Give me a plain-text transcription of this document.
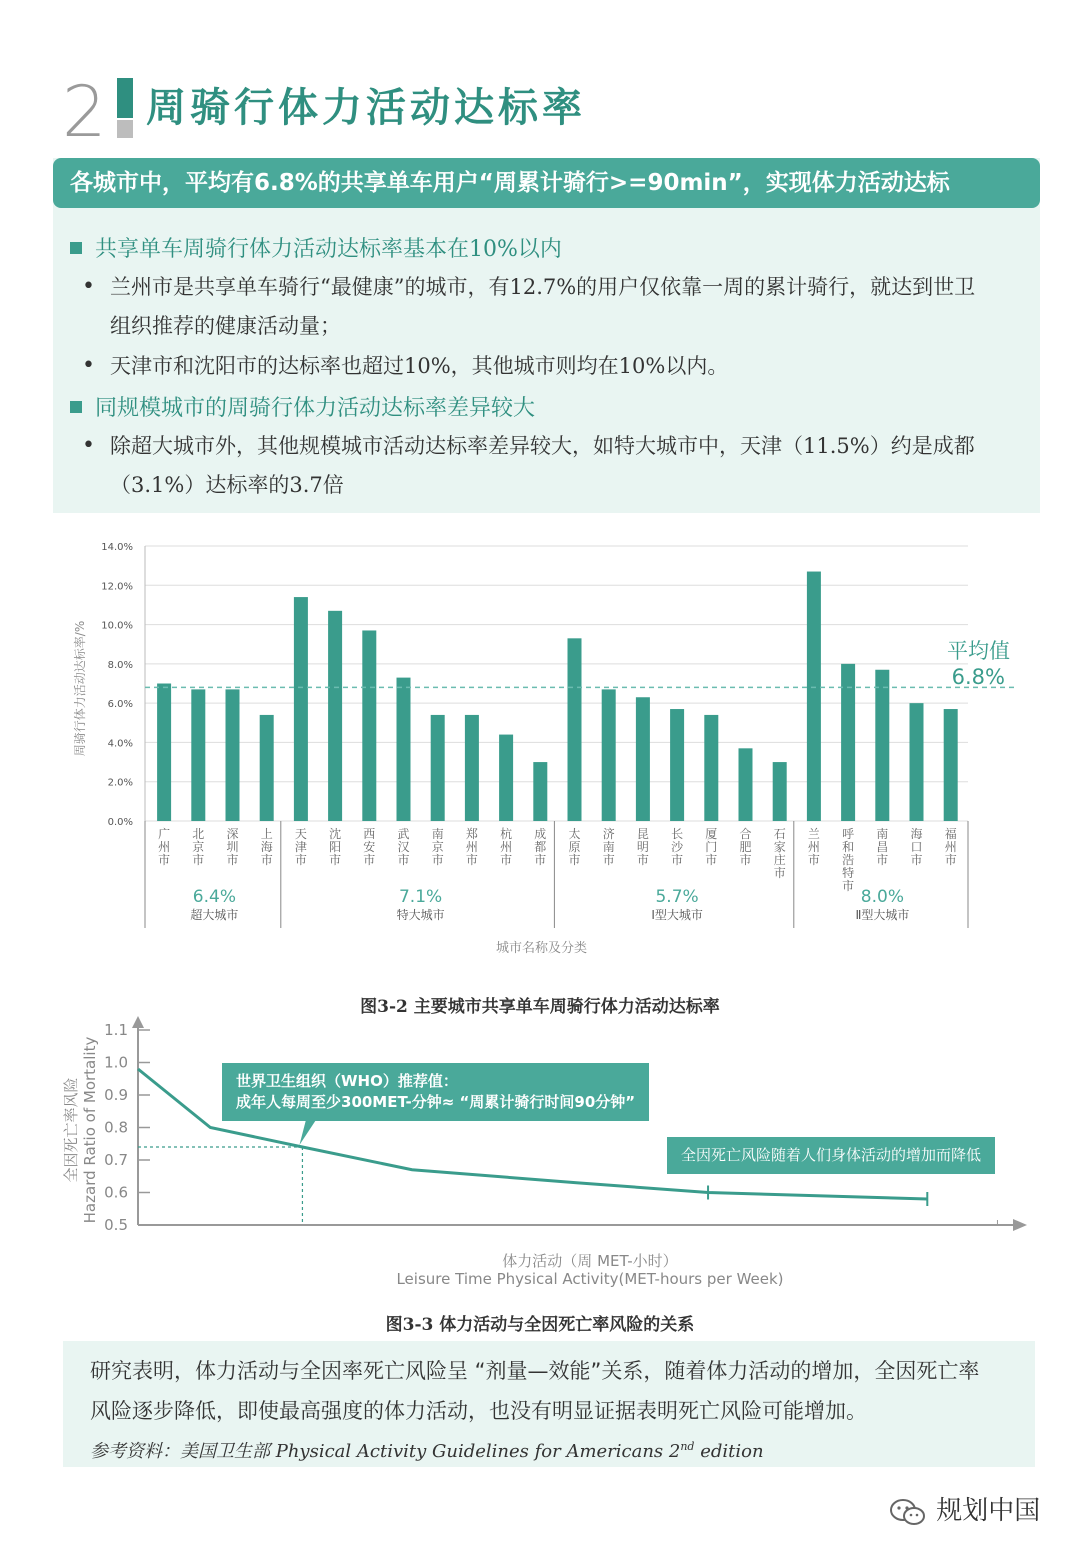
2 周骑行体力活动达标率
各城市中，平均有6.8%的共享单车用户“周累计骑行>=90min”，实现体力活动达标
共享单车周骑行体力活动达标率基本在10%以内
• 兰州市是共享单车骑行“最健康”的城市，有12.7%的用户仅依靠一周的累计骑行，就达到世卫
组织推荐的健康活动量；
• 天津市和沈阳市的达标率也超过10%，其他城市则均在10%以内。
同规模城市的周骑行体力活动达标率差异较大
• 除超大城市外，其他规模城市活动达标率差异较大，如特大城市中，天津（11.5%）约是成都
（3.1%）达标率的3.7倍
0.0%
2.0%
4.0%
6.0%
8.0%
10.0%
12.0%
14.0%
周骑行体力活动达标率/%
广
州
市
北
京
市
深
圳
市
上
海
市
天
津
市
沈
阳
市
西
安
市
武
汉
市
南
京
市
郑
州
市
杭
州
市
成
都
市
太
原
市
济
南
市
昆
明
市
长
沙
市
厦
门
市
合
肥
市
石
家
庄
市
兰
州
市
呼
和
浩
特
市
南
昌
市
海
口
市
福
州
市
平均值
6.8%
6.4%
超大城市
7.1%
特大城市
5.7%
Ⅰ型大城市
8.0%
Ⅱ型大城市
城市名称及分类
图3-2 主要城市共享单车周骑行体力活动达标率
0.5
0.6
0.7
0.8
0.9
1.0
1.1
全因死亡率风险 Hazard Ratio of Mortality	世界卫生组织（WHO）推荐值：
成年人每周至少300MET-分钟≈ “周累计骑行时间90分钟”
全因死亡风险随着人们身体活动的增加而降低
体力活动（周 MET-小时）
Leisure Time Physical Activity(MET-hours per Week)
图3-3 体力活动与全因死亡率风险的关系
研究表明，体力活动与全因率死亡风险呈 “剂量—效能”关系，随着体力活动的增加，全因死亡率
风险逐步降低，即使最高强度的体力活动，也没有明显证据表明死亡风险可能增加。
参考资料：美国卫生部 Physical Activity Guidelines for Americans 2nd edition
规划中国
